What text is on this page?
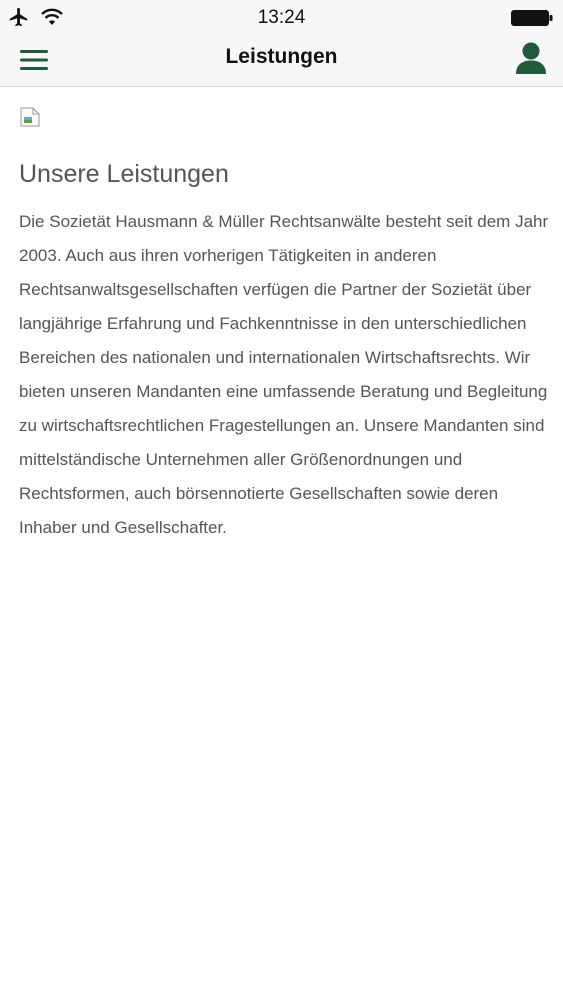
13:24
Leistungen
Unsere Leistungen

Die Sozietät Hausmann & Müller Rechtsanwälte besteht seit dem Jahr 2003. Auch aus ihren vorherigen Tätigkeiten in anderen Rechtsanwaltsgesellschaften verfügen die Partner der Sozietät über langjährige Erfahrung und Fachkenntnisse in den unterschiedlichen Bereichen des nationalen und internationalen Wirtschaftsrechts. Wir bieten unseren Mandanten eine umfassende Beratung und Begleitung zu wirtschaftsrechtlichen Fragestellungen an. Unsere Mandanten sind mittelständische Unternehmen aller Größenordnungen und Rechtsformen, auch börsennotierte Gesellschaften sowie deren Inhaber und Gesellschafter.
